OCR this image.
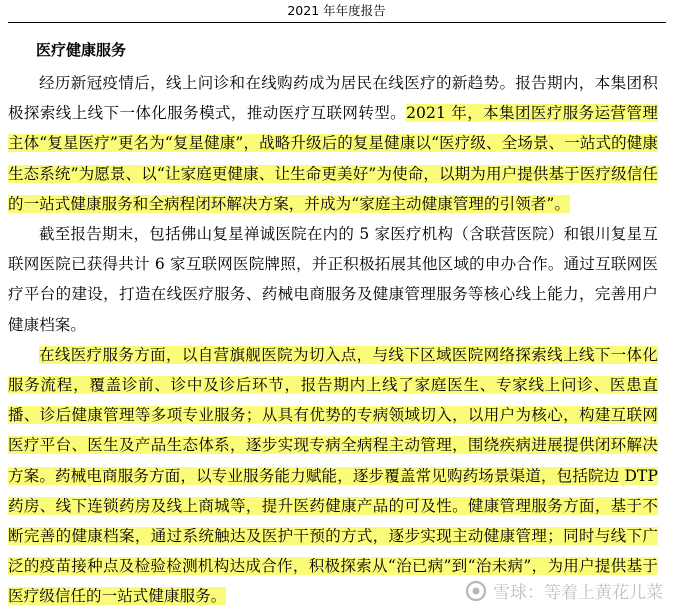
2021 年年度报告
医疗健康服务

经历新冠疫情后，线上问诊和在线购药成为居民在线医疗的新趋势。报告期内，本集团积极探索线上线下一体化服务模式，推动医疗互联网转型。2021 年，本集团医疗服务运营管理主体“复星医疗”更名为“复星健康”，战略升级后的复星健康以“医疗级、全场景、一站式的健康生态系统”为愿景、以“让家庭更健康、让生命更美好”为使命，以期为用户提供基于医疗级信任的一站式健康服务和全病程闭环解决方案，并成为“家庭主动健康管理的引领者”。

截至报告期末，包括佛山复星禅诚医院在内的 5 家医疗机构（含联营医院）和银川复星互联网医院已获得共计 6 家互联网医院牌照，并正积极拓展其他区域的申办合作。通过互联网医疗平台的建设，打造在线医疗服务、药械电商服务及健康管理服务等核心线上能力，完善用户健康档案。

在线医疗服务方面，以自营旗舰医院为切入点，与线下区域医院网络探索线上线下一体化服务流程，覆盖诊前、诊中及诊后环节，报告期内上线了家庭医生、专家线上问诊、医患直播、诊后健康管理等多项专业服务；从具有优势的专病领域切入，以用户为核心，构建互联网医疗平台、医生及产品生态体系，逐步实现专病全病程主动管理，围绕疾病进展提供闭环解决方案。药械电商服务方面，以专业服务能力赋能，逐步覆盖常见购药场景渠道，包括院边 DTP 药房、线下连锁药房及线上商城等，提升医药健康产品的可及性。健康管理服务方面，基于不断完善的健康档案，通过系统触达及医护干预的方式，逐步实现主动健康管理；同时与线下广泛的疫苗接种点及检验检测机构达成合作，积极探索从“治已病”到“治未病”，为用户提供基于医疗级信任的一站式健康服务。	雪球：等着上黄花儿菜
